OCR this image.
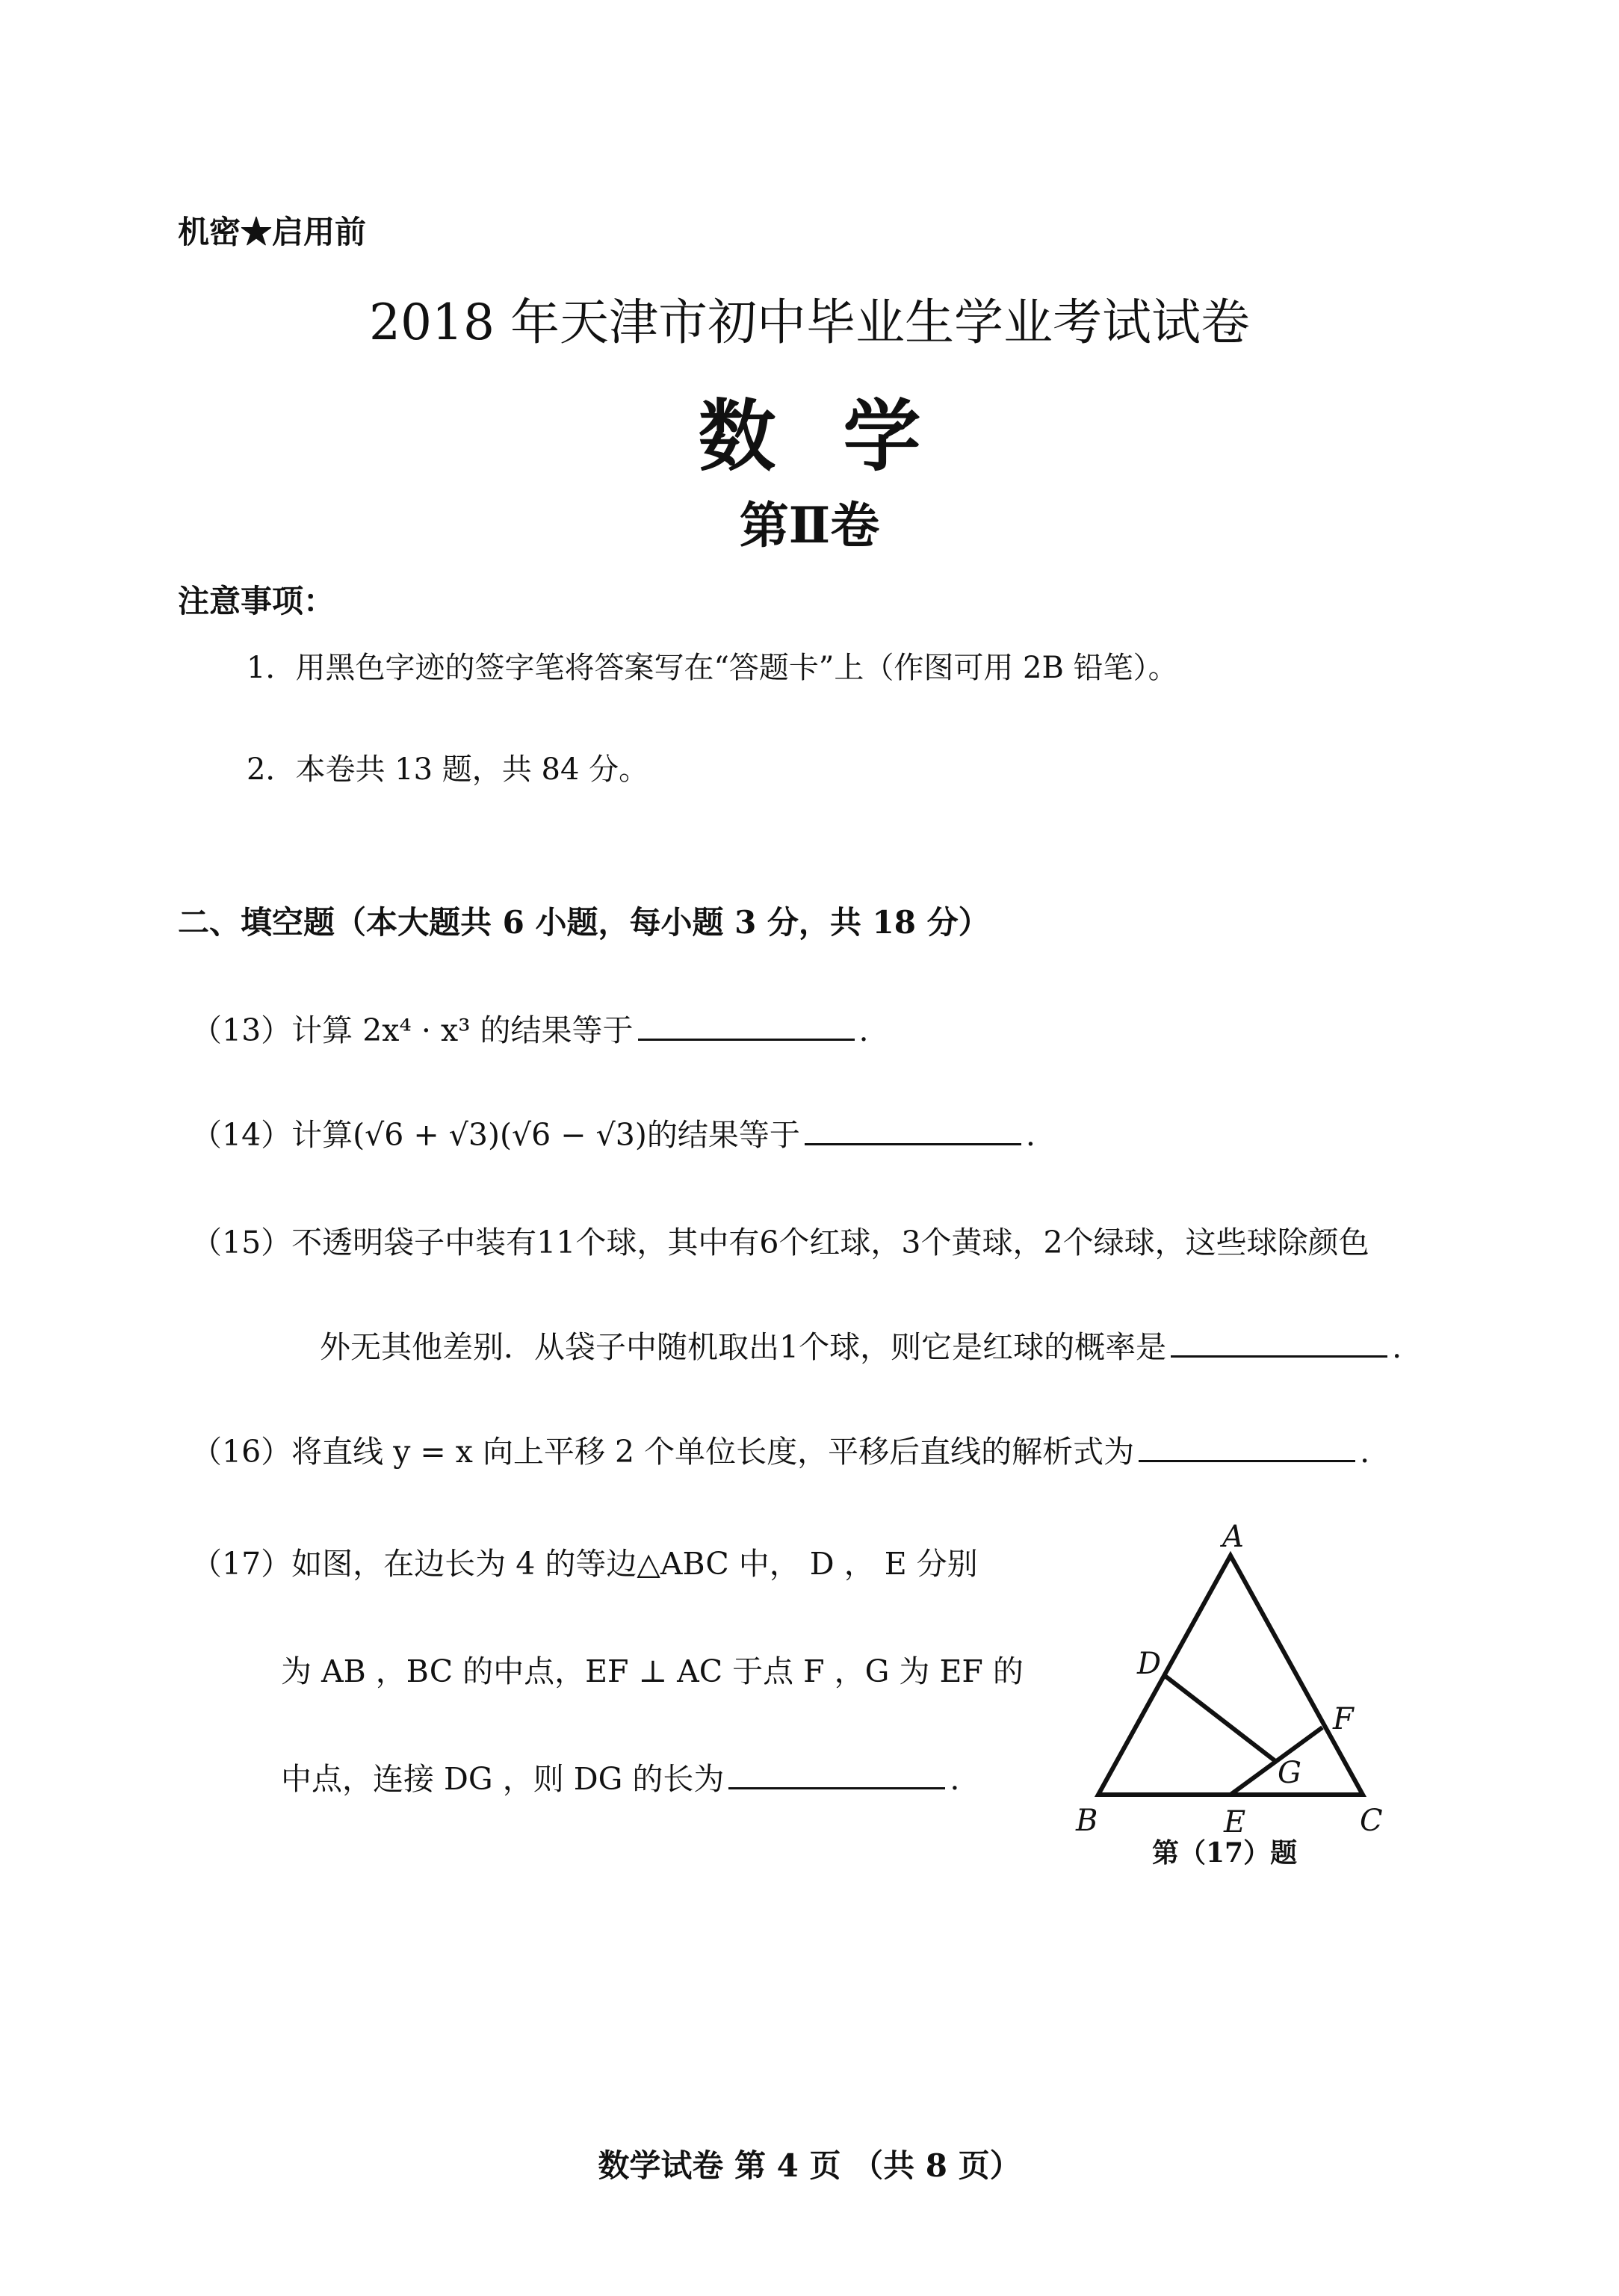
机密★启用前
2018 年天津市初中毕业生学业考试试卷
数学
第Ⅱ卷
注意事项：
1．用黑色字迹的签字笔将答案写在“答题卡”上（作图可用 2B 铅笔）。
2．本卷共 13 题，共 84 分。
二、填空题（本大题共 6 小题，每小题 3 分，共 18 分）
（13）计算 2x⁴ · x³ 的结果等于	.
（14）计算(√6 + √3)(√6 − √3)的结果等于	.
（15）不透明袋子中装有11个球，其中有6个红球，3个黄球，2个绿球，这些球除颜色
外无其他差别．从袋子中随机取出1个球，则它是红球的概率是	.
（16）将直线 y = x 向上平移 2 个单位长度，平移后直线的解析式为	.
（17）如图，在边长为 4 的等边△ABC 中， D ， E 分别
为 AB ，BC 的中点，EF ⊥ AC 于点 F ，G 为 EF 的
中点，连接 DG ，则 DG 的长为	.
A
B	C
D
E
F
G
第（17）题
数学试卷 第 4 页 （共 8 页）
